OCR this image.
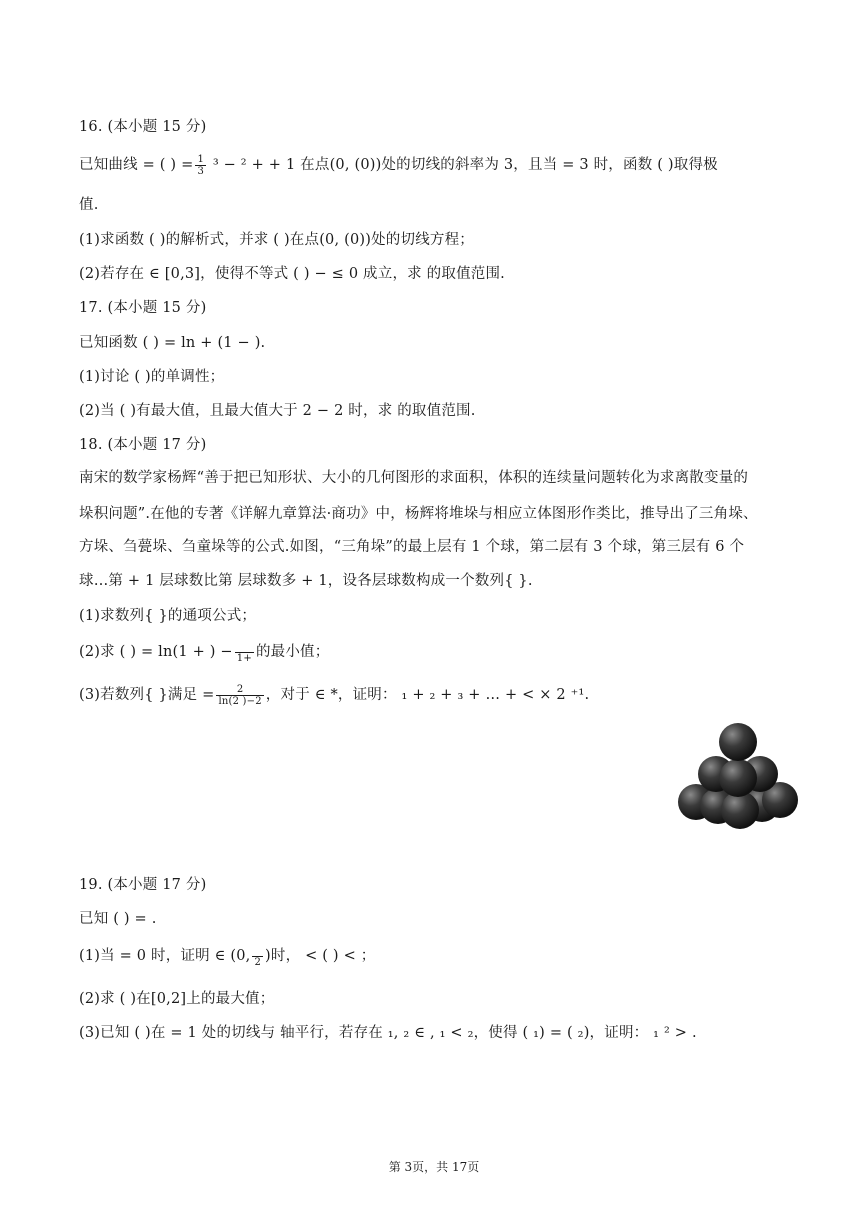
16. (本小题 15 分)
已知曲线 = ( ) = $\frac{1}{3} ^3 - ^2$ + + 1 在点(0, (0))处的切线的斜率为 3，且当 = 3 时，函数 ( )取得极
值.
(1)求函数 ( )的解析式，并求 ( )在点(0, (0))处的切线方程；
(2)若存在 ∈ [0,3]，使得不等式 ( ) − ≤ 0 成立，求 的取值范围.
17. (本小题 15 分)
已知函数 ( ) = ln + (1 − ).
(1)讨论 ( )的单调性；
(2)当 ( )有最大值，且最大值大于 2 − 2 时，求 的取值范围.
18. (本小题 17 分)
南宋的数学家杨辉“善于把已知形状、大小的几何图形的求面积，体积的连续量问题转化为求离散变量的
垛积问题”.在他的专著《详解九章算法·商功》中，杨辉将堆垛与相应立体图形作类比，推导出了三角垛、
方垛、刍甍垛、刍童垛等的公式.如图，“三角垛”的最上层有 1 个球，第二层有 3 个球，第三层有 6 个
球…第 + 1 层球数比第 层球数多 + 1，设各层球数构成一个数列{ }.
(1)求数列{ }的通项公式；
(2)求 ( ) = ln(1 + ) −
1+ 的最小值；
(3)若数列{ }满足 = $\frac{2}{\ln(2 )-2}$ ，对于 ∈ *，证明： ₁ + ₂ + ₃ + … + < × 2 ⁺¹.
19. (本小题 17 分)
已知 ( ) = .
(1)当 = 0 时，证明 ∈ (0,
2 )时， < ( ) < ；
(2)求 ( )在[0,2]上的最大值；
(3)已知 ( )在 = 1 处的切线与 轴平行，若存在 ₁, ₂ ∈ , ₁ < ₂，使得 ( ₁) = ( ₂)，证明： ₁ ² > .
第 3页，共 17页
